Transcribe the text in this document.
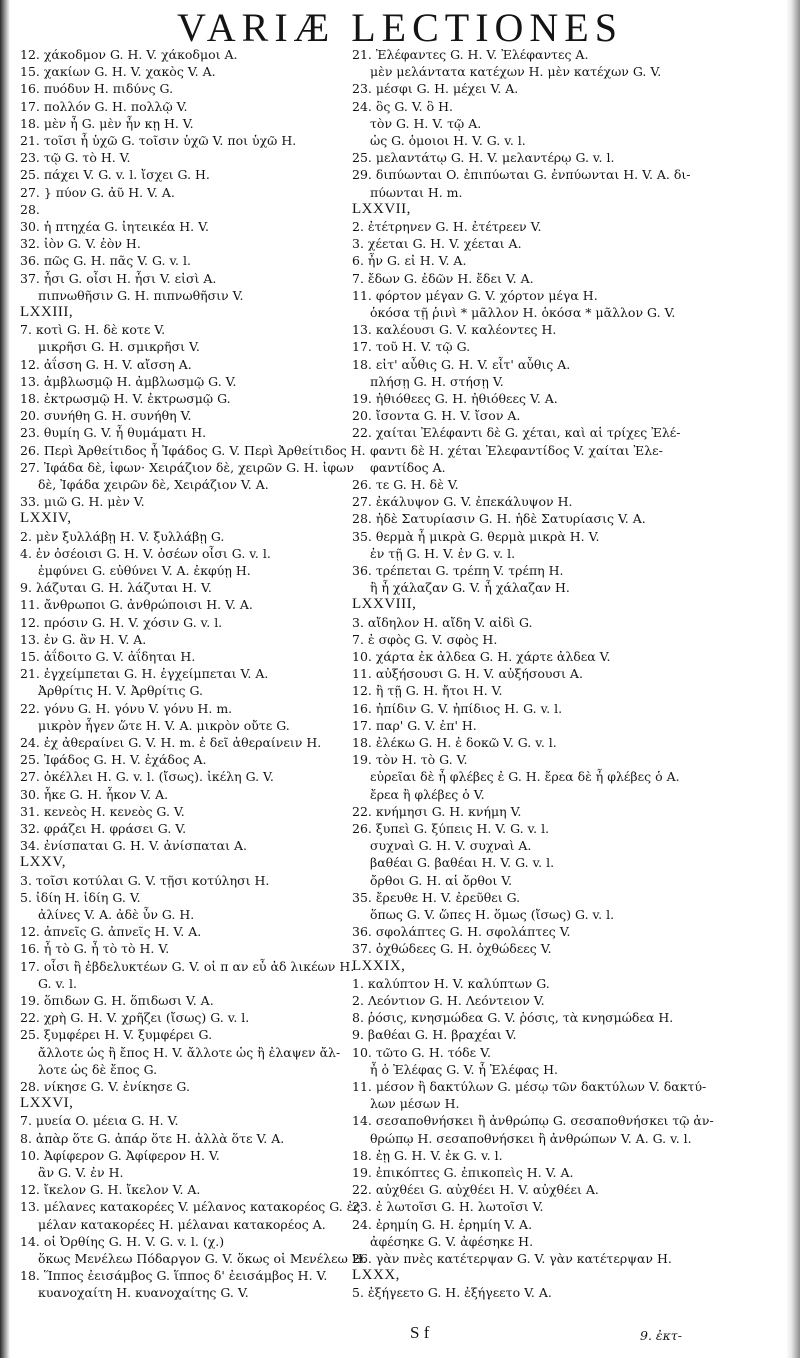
VARIÆ LECTIONES
12. χάκοδμον G. H. V. χάκοδμοι A.
15. χακίων G. H. V. χακὸς V. A.
16. πυόδυν H. πιδύνς G.
17. πολλόν G. H. πολλῷ V.
18. μὲν ἦ G. μὲν ἦν κῃ H. V.
21. τοῖσι ἦ ὑχῶ G. τοῖσιν ὑχῶ V. ποι ὑχῶ H.
23. τῷ G. τὸ H. V.
25. πάχει V. G. v. l. ἴσχει G. H.
27. } πύον G. ἀῦ H. V. A.
28.
30. ἡ πτηχέα G. ἰητεικέα H. V.
32. ἰὸν G. V. ἐὸν H.
36. πῶς G. H. πᾶς V. G. v. l.
37. ἦσι G. οἶσι H. ἧσι V. εἰσὶ A.
πιπνωθῆσιν G. H. πιπνωθῆσιν V.
LXXIII,
7. κοτὶ G. H. δὲ κοτε V.
μικρῆσι G. H. σμικρῆσι V.
12. ἀΐσση G. H. V. αἴσση A.
13. ἀμβλωσμῷ H. ἀμβλωσμῷ G. V.
18. ἐκτρωσμῷ H. V. ἐκτρωσμῷ G.
20. συνήθη G. H. συνήθη V.
23. θυμίη G. V. ἦ θυμάματι H.
26. Περὶ Ἀρθείτιδος ἦ Ἰφάδος G. V. Περὶ Ἀρθείτιδος H.
27. Ἰφάδα δὲ, ἰφων· Χειράζιον δὲ, χειρῶν G. H. ἰφων
δὲ, Ἰφάδα χειρῶν δὲ, Χειράζιον V. A.
33. μιῶ G. H. μὲν V.
LXXIV,
2. μὲν ξυλλάβῃ H. V. ξυλλάβῃ G.
4. ἐν ὀσέοισι G. H. V. ὀσέων οἶσι G. v. l.
ἐμφύνει G. εὐθύνει V. A. ἐκφύῃ H.
9. λάζυται G. H. λάζυται H. V.
11. ἄνθρωποι G. ἀνθρώποισι H. V. A.
12. πρόσιν G. H. V. χόσιν G. v. l.
13. ἐν G. ἂν H. V. A.
15. ἀΐδοιτο G. V. ἀΐδηται H.
21. ἐγχείμπεται G. H. ἐγχείμπεται V. A.
Ἀρθρίτις H. V. Ἀρθρίτις G.
22. γόνυ G. H. γόνυ V. γόνυ H. m.
μικρὸν ἧγεν ὥτε H. V. A. μικρὸν οὔτε G.
24. ἐχ ἀθεραίνει G. V. H. m. ἐ δεῖ ἀθεραίνειν H.
25. Ἰφάδος G. H. V. ἐχάδος A.
27. ὀκέλλει H. G. v. l. (ἴσως). ἰκέλη G. V.
30. ἧκε G. H. ἧκον V. A.
31. κενεὸς H. κενεὸς G. V.
32. φράζει H. φράσει G. V.
34. ἐνίσπαται G. H. V. ἀνίσπαται A.
LXXV,
3. τοῖσι κοτύλαι G. V. τῇσι κοτύλησι H.
5. ἰδίη H. ἰδίη G. V.
ἀλίνες V. A. ἀδὲ ὖν G. H.
12. ἀπνεῖς G. ἀπνεῖς H. V. A.
16. ἦ τὸ G. ἦ τὸ τὸ H. V.
17. οἷσι ἢ ἐβδελυκτέων G. V. οἱ π αν εὖ ἀδ λικέων H.
G. v. l.
19. ὅπιδων G. H. ὅπιδωσι V. A.
22. χρὴ G. H. V. χρῆζει (ἴσως) G. v. l.
25. ξυμφέρει H. V. ξυμφέρει G.
ἄλλοτε ὡς ἢ ἔπος H. V. ἄλλοτε ὡς ἢ ἐλαψεν ἄλ-
λοτε ὡς δὲ ἔπος G.
28. νίκησε G. V. ἐνίκησε G.
LXXVI,
7. μυεία O. μέεια G. H. V.
8. ἀπὰρ ὅτε G. ἀπάρ ὅτε H. ἀλλὰ ὅτε V. A.
10. Ἀφίφερον G. Ἀφίφερον H. V.
ἂν G. V. ἐν H.
12. ἴκελον G. H. ἴκελον V. A.
13. μέλανες κατακορέες V. μέλανος κατακορέος G. ἐς
μέλαν κατακορέες H. μέλαναι κατακορέος A.
14. οἱ Ὀρθίης G. H. V. G. v. l. (χ.)
ὅκως Μενέλεω Πόδαργον G. V. ὅκως οἱ Μενέλεω H.
18. Ἵππος ἐεισάμβος G. ἵππος δ' ἐεισάμβος H. V.
κυανοχαίτη H. κυανοχαίτης G. V.
21. Ἐλέφαντες G. H. V. Ἐλέφαντες A.
μὲν μελάντατα κατέχων H. μὲν κατέχων G. V.
23. μέσφι G. H. μέχει V. A.
24. ὃς G. V. ὃ H.
τὸν G. H. V. τῷ A.
ὡς G. ὁμοιοι H. V. G. v. l.
25. μελαντάτῳ G. H. V. μελαντέρῳ G. v. l.
29. διπύωνται O. ἐπιπύωται G. ἐνπύωνται H. V. A. δι-
πύωνται H. m.
LXXVII,
2. ἐτέτρηνεν G. H. ἐτέτρεεν V.
3. χέεται G. H. V. χέεται A.
6. ἦν G. εἰ H. V. A.
7. ἔδων G. ἐδῶν H. ἔδει V. A.
11. φόρτον μέγαν G. V. χόρτον μέγα H.
ὁκόσα τῇ ῥινὶ * μᾶλλον H. ὁκόσα * μᾶλλον G. V.
13. καλέουσι G. V. καλέοντες H.
17. τοῦ H. V. τῷ G.
18. εἰτ' αὖθις G. H. V. εἶτ' αὖθις A.
πλήσῃ G. H. στήσῃ V.
19. ἠθιόθεες G. H. ἠθιόθεες V. A.
20. ἴσοντα G. H. V. ἴσον A.
22. χαίται Ἐλέφαντι δὲ G. χέται, καὶ αἱ τρίχες Ἐλέ-
φαντι δὲ H. χέται Ἐλεφαντίδος V. χαίται Ἐλε-
φαντίδος A.
26. τε G. H. δὲ V.
27. ἐκάλυψον G. V. ἐπεκάλυψον H.
28. ἡδὲ Σατυρίασιν G. H. ἡδὲ Σατυρίασις V. A.
35. θερμὰ ἦ μικρὰ G. θερμὰ μικρὰ H. V.
ἐν τῇ G. H. V. ἐν G. v. l.
36. τρέπεται G. τρέπη V. τρέπη H.
ἢ ἦ χάλαζαν G. V. ἦ χάλαζαν H.
LXXVIII,
3. αἴδηλον H. αἴδη V. αἰδὶ G.
7. ἐ σφὸς G. V. σφὸς H.
10. χάρτα ἐκ ἀλδεα G. H. χάρτε ἀλδεα V.
11. αὐξήσουσι G. H. V. αὐξήσουσι A.
12. ἢ τῇ G. H. ἤτοι H. V.
16. ἠπίδιν G. V. ἠπίδιος H. G. v. l.
17. παρ' G. V. ἐπ' H.
18. ἐλέκω G. H. ἐ δοκῶ V. G. v. l.
19. τὸν H. τὸ G. V.
εὐρεῖαι δὲ ἦ φλέβες ἐ G. H. ἔρεα δὲ ἦ φλέβες ὁ A.
ἔρεα ἢ φλέβες ὁ V.
22. κνήμησι G. H. κνήμη V.
26. ξυπεὶ G. ξύπεις H. V. G. v. l.
συχναὶ G. H. V. συχναὶ A.
βαθέαι G. βαθέαι H. V. G. v. l.
ὄρθοι G. H. αἱ ὄρθοι V.
35. ἔρευθε H. V. ἐρεῦθει G.
ὅπως G. V. ὥπες H. ὅμως (ἴσως) G. v. l.
36. σφολάπτες G. H. σφολάπτες V.
37. ὀχθώδεες G. H. ὀχθώδεες V.
LXXIX,
1. καλύπτον H. V. καλύπτων G.
2. Λεόντιον G. H. Λεόντειον V.
8. ῥόσις, κνησμώδεα G. V. ῥόσις, τὰ κνησμώδεα H.
9. βαθέαι G. H. βραχέαι V.
10. τῶτο G. H. τόδε V.
ἦ ὁ Ἐλέφας G. V. ἦ Ἐλέφας H.
11. μέσον ἢ δακτύλων G. μέσῳ τῶν δακτύλων V. δακτύ-
λων μέσων H.
14. σεσαποθνήσκει ἢ ἀνθρώπῳ G. σεσαποθνήσκει τῷ ἀν-
θρώπῳ H. σεσαποθνήσκει ἢ ἀνθρώπων V. A. G. v. l.
18. ἐῃ G. H. V. ἐκ G. v. l.
19. ἐπικόπτες G. ἐπικοπεὶς H. V. A.
22. αὐχθέει G. αὐχθέει H. V. αὐχθέει A.
23. ἐ λωτοῖσι G. H. λωτοῖσι V.
24. ἐρημίη G. H. ἐρημίη V. A.
ἀφέσηκε G. V. ἀφέσηκε H.
26. γὰν πνὲς κατέτερψαν G. V. γὰν κατέτερψαν H.
LXXX,
5. ἐξήγεετο G. H. ἐξήγεετο V. A.
S f	9. ἐκτ-
